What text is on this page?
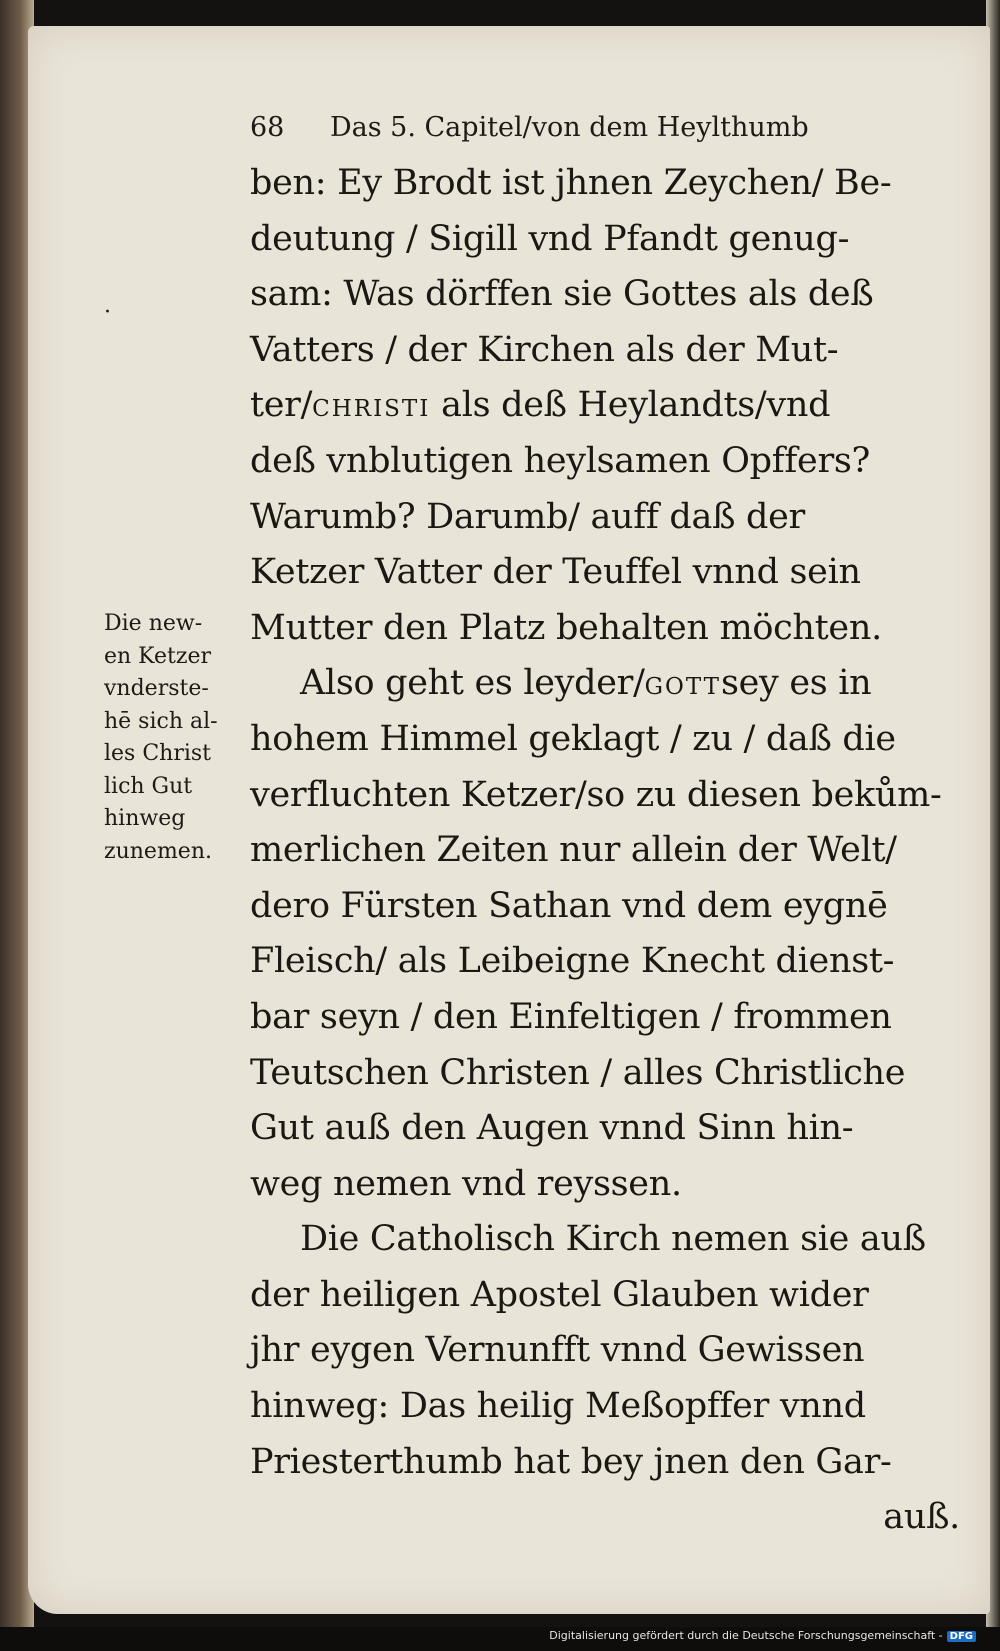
68 Das 5. Capitel/von dem Heylthumb
·
ben: Ey Brodt ist jhnen Zeychen/ Be-
deutung / Sigill vnd Pfandt genug-
sam: Was dörffen sie Gottes als deß
Vatters / der Kirchen als der Mut-
ter/CHRISTI als deß Heylandts/vnd
deß vnblutigen heylsamen Opffers?
Warumb? Darumb/ auff daß der
Ketzer Vatter der Teuffel vnnd sein
Mutter den Platz behalten möchten.
Also geht es leyder/GOTTsey es in
hohem Himmel geklagt / zu / daß die
verfluchten Ketzer/so zu diesen bekům-
merlichen Zeiten nur allein der Welt/
dero Fürsten Sathan vnd dem eygnē
Fleisch/ als Leibeigne Knecht dienst-
bar seyn / den Einfeltigen / frommen
Teutschen Christen / alles Christliche
Gut auß den Augen vnnd Sinn hin-
weg nemen vnd reyssen.
Die Catholisch Kirch nemen sie auß
der heiligen Apostel Glauben wider
jhr eygen Vernunfft vnnd Gewissen
hinweg: Das heilig Meßopffer vnnd
Priesterthumb hat bey jnen den Gar-
auß.
Die new-
en Ketzer
vnderste-
hē sich al-
les Christ
lich Gut
hinweg
zunemen.
Digitalisierung gefördert durch die Deutsche Forschungsgemeinschaft - DFG
